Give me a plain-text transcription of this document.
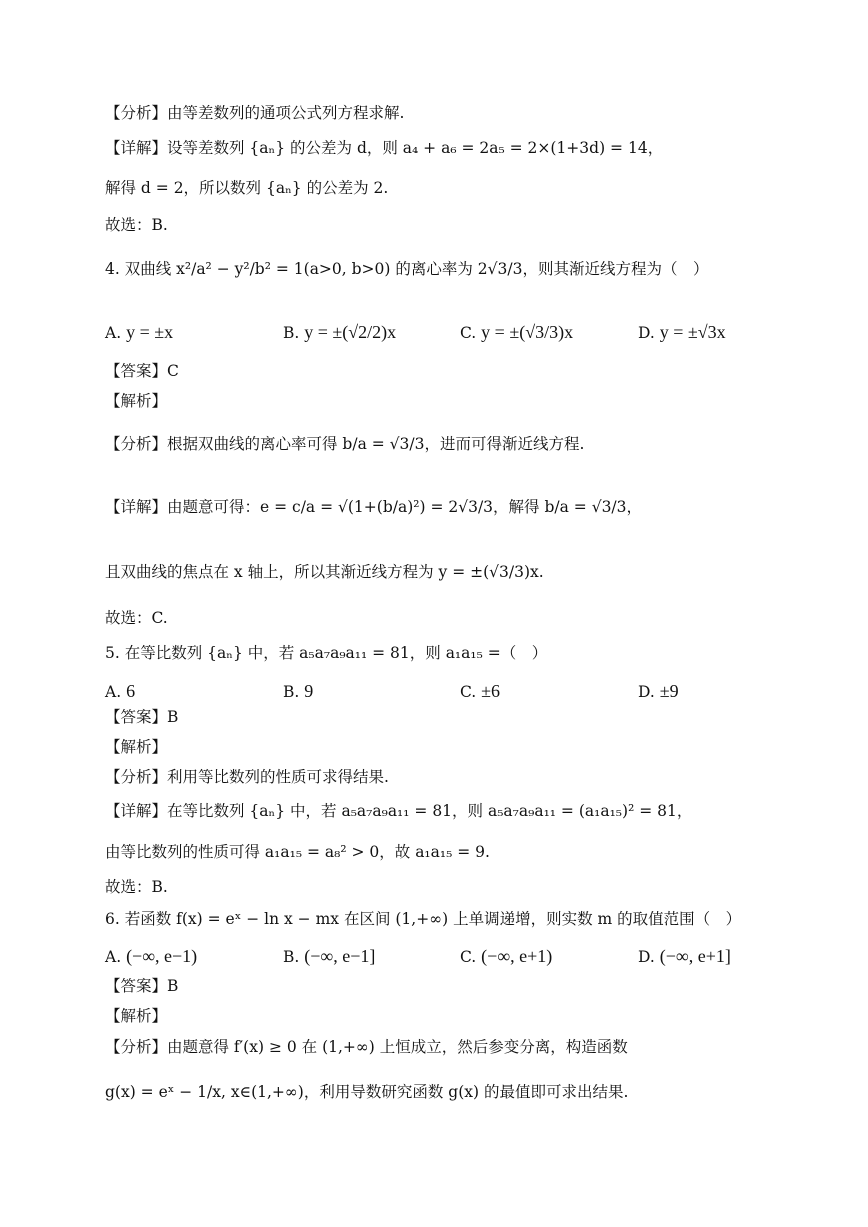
【分析】由等差数列的通项公式列方程求解.
【详解】设等差数列 {aₙ} 的公差为 d，则 a₄ + a₆ = 2a₅ = 2×(1+3d) = 14，
解得 d = 2，所以数列 {aₙ} 的公差为 2.
故选：B.
4. 双曲线 x²/a² − y²/b² = 1(a>0, b>0) 的离心率为 2√3/3，则其渐近线方程为（　）
【答案】C
【解析】
【分析】根据双曲线的离心率可得 b/a = √3/3，进而可得渐近线方程.
【详解】由题意可得：e = c/a = √(1+(b/a)²) = 2√3/3，解得 b/a = √3/3，
且双曲线的焦点在 x 轴上，所以其渐近线方程为 y = ±(√3/3)x.
故选：C.
5. 在等比数列 {aₙ} 中，若 a₅a₇a₉a₁₁ = 81，则 a₁a₁₅ =（　）
【答案】B
【解析】
【分析】利用等比数列的性质可求得结果.
【详解】在等比数列 {aₙ} 中，若 a₅a₇a₉a₁₁ = 81，则 a₅a₇a₉a₁₁ = (a₁a₁₅)² = 81，
由等比数列的性质可得 a₁a₁₅ = a₈² > 0，故 a₁a₁₅ = 9.
故选：B.
6. 若函数 f(x) = eˣ − ln x − mx 在区间 (1,+∞) 上单调递增，则实数 m 的取值范围（　）
【答案】B
【解析】
【分析】由题意得 f′(x) ≥ 0 在 (1,+∞) 上恒成立，然后参变分离，构造函数
g(x) = eˣ − 1/x, x∈(1,+∞)，利用导数研究函数 g(x) 的最值即可求出结果.
A. y = ±x	B. y = ±(√2/2)x	C. y = ±(√3/3)x	D. y = ±√3x
A. 6	B. 9	C. ±6	D. ±9
A. (−∞, e−1)	B. (−∞, e−1]	C. (−∞, e+1)	D. (−∞, e+1]
